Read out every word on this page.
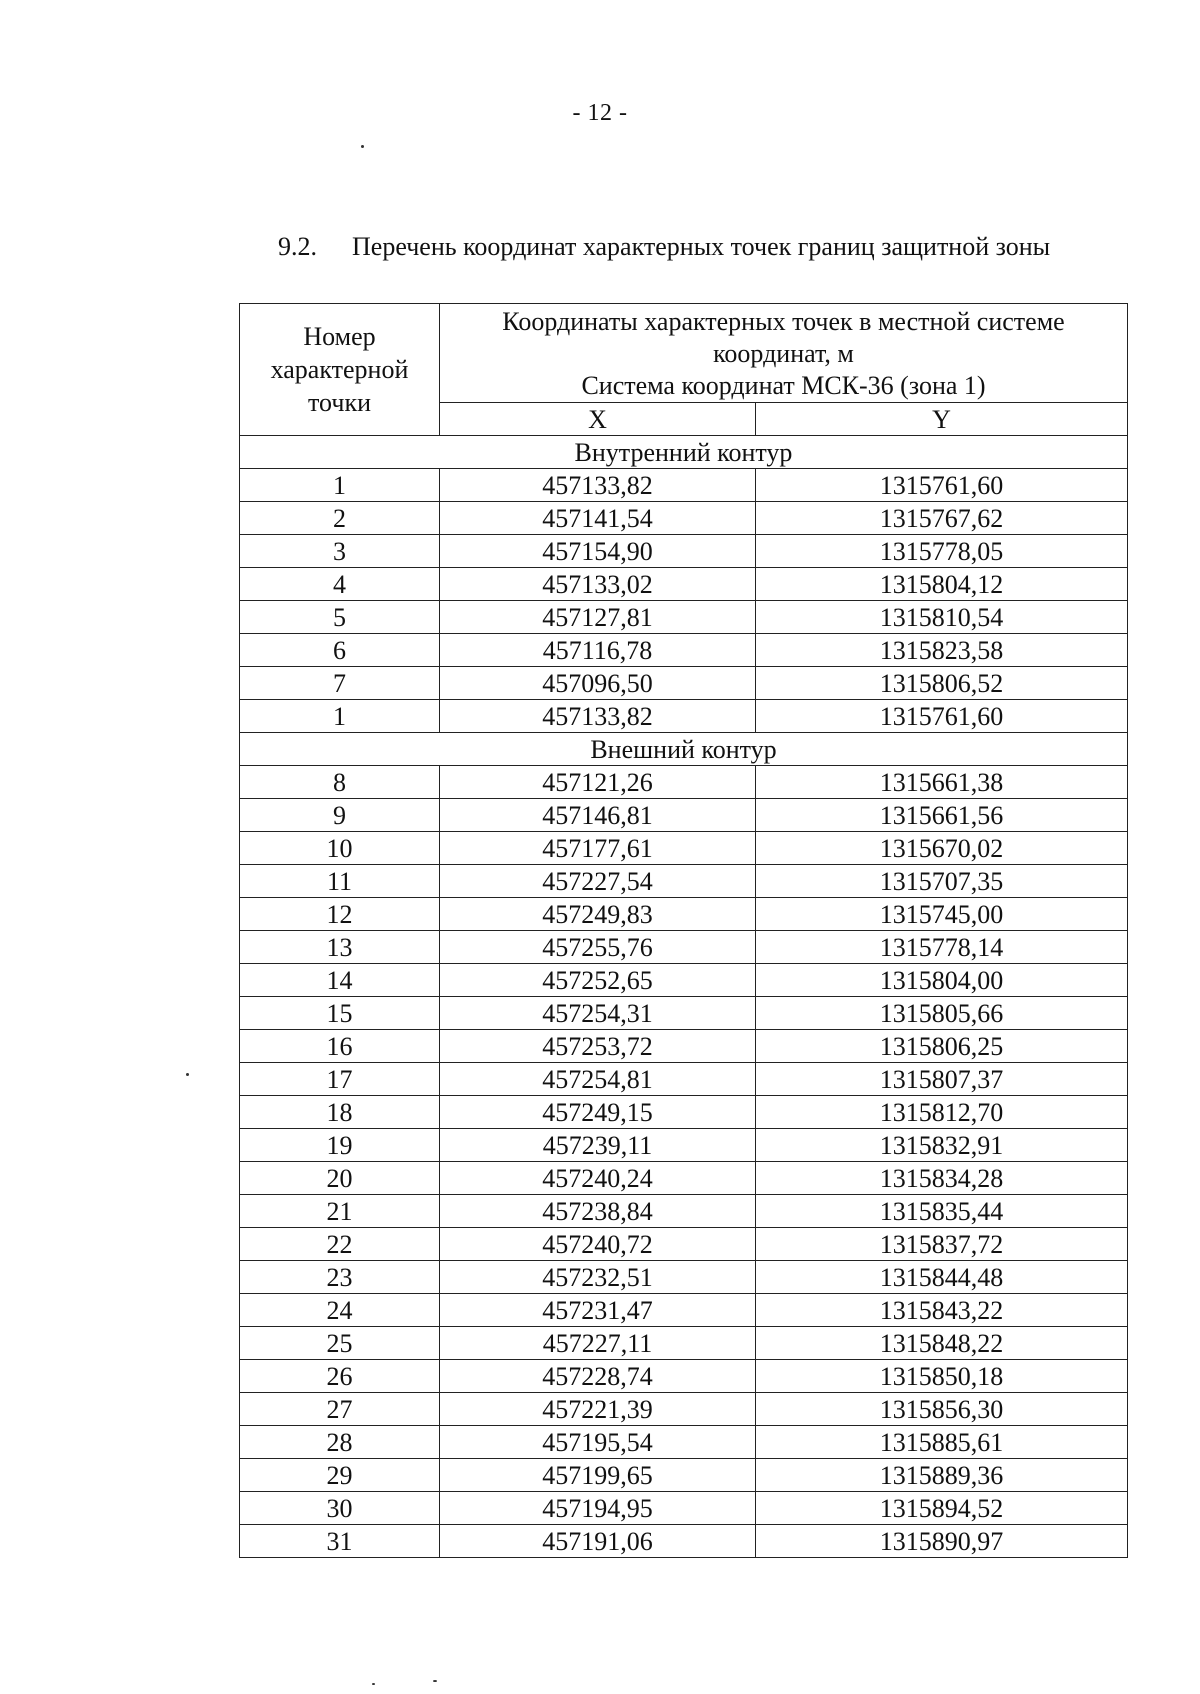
- 12 -
9.2. Перечень координат характерных точек границ защитной зоны
Номер характерной точки	Координаты характерных точек в местной системе координат, м
Система координат МСК-36 (зона 1)	

	X	Y
Внутренний контур		
1	457133,82	1315761,60
2	457141,54	1315767,62
3	457154,90	1315778,05
4	457133,02	1315804,12
5	457127,81	1315810,54
6	457116,78	1315823,58
7	457096,50	1315806,52
1	457133,82	1315761,60
Внешний контур		
8	457121,26	1315661,38
9	457146,81	1315661,56
10	457177,61	1315670,02
11	457227,54	1315707,35
12	457249,83	1315745,00
13	457255,76	1315778,14
14	457252,65	1315804,00
15	457254,31	1315805,66
16	457253,72	1315806,25
17	457254,81	1315807,37
18	457249,15	1315812,70
19	457239,11	1315832,91
20	457240,24	1315834,28
21	457238,84	1315835,44
22	457240,72	1315837,72
23	457232,51	1315844,48
24	457231,47	1315843,22
25	457227,11	1315848,22
26	457228,74	1315850,18
27	457221,39	1315856,30
28	457195,54	1315885,61
29	457199,65	1315889,36
30	457194,95	1315894,52
31	457191,06	1315890,97
